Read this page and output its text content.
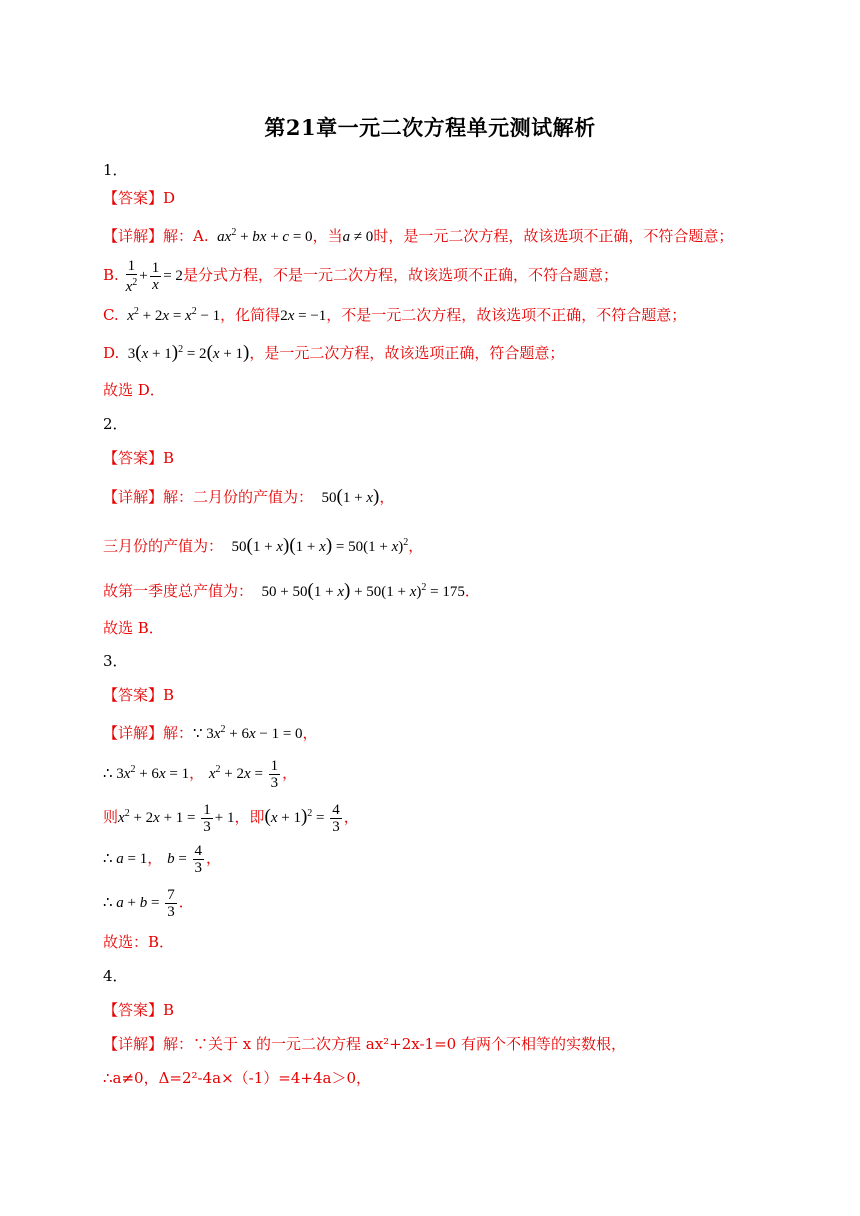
第21章一元二次方程单元测试解析
1．
【答案】D
【详解】解：A. $ax^2$ + bx + c = 0，当a ≠ 0时，是一元二次方程，故该选项不正确，不符合题意；
B. $\frac{1}{x^2} + \frac{1}{x} = 2$是分式方程，不是一元二次方程，故该选项不正确，不符合题意；
C. $x^2 + 2x = x^2 - 1$，化简得2x = −1，不是一元二次方程，故该选项不正确，不符合题意；
D.  $3(x + 1)^2 = 2(x + 1)$，是一元二次方程，故该选项正确，符合题意；
故选 D．
2．
【答案】B
【详解】解：二月份的产值为：  50(1 + x)，
三月份的产值为：  $50(1 + x)(1 + x) = 50(1 + x)^2$，
故第一季度总产值为：  $50 + 50(1 + x) + 50(1 + x)^2 = 175$．
故选 B．
3．
【答案】B
【详解】解：∵ $3x^2 + 6x - 1 = 0$，
∴ $3x^2 + 6x = 1$， $x^2 + 2x = \frac{1}{3}$ ，
则$x^2 + 2x + 1 = \frac{1}{3} + 1$，即$(x + 1)^2 = \frac{4}{3}$ ，
∴ a = 1， $b = \frac{4}{3}$ ，
∴ $a + b = \frac{7}{3}$ ．
故选：B．
4．
【答案】B
【详解】解：∵关于 x 的一元二次方程 ax²+2x-1=0 有两个不相等的实数根，
∴a≠0，Δ=2²-4a×（-1）=4+4a＞0，
